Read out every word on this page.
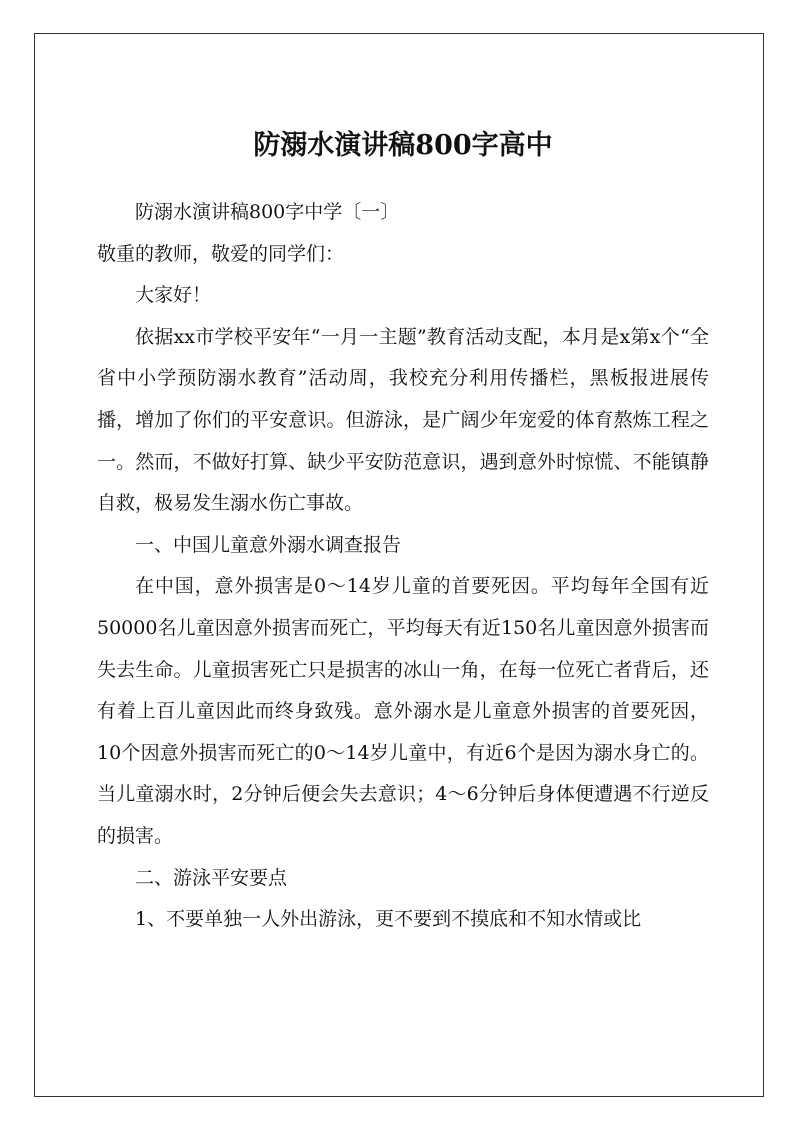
防溺水演讲稿800字高中

防溺水演讲稿800字中学〔一〕

敬重的教师，敬爱的同学们：

大家好！

依据xx市学校平安年“一月一主题”教育活动支配，本月是x第x个“全省中小学预防溺水教育”活动周，我校充分利用传播栏，黑板报进展传播，增加了你们的平安意识。但游泳，是广阔少年宠爱的体育熬炼工程之一。然而，不做好打算、缺少平安防范意识，遇到意外时惊慌、不能镇静自救，极易发生溺水伤亡事故。

一、中国儿童意外溺水调查报告

在中国，意外损害是0～14岁儿童的首要死因。平均每年全国有近50000名儿童因意外损害而死亡，平均每天有近150名儿童因意外损害而失去生命。儿童损害死亡只是损害的冰山一角，在每一位死亡者背后，还有着上百儿童因此而终身致残。意外溺水是儿童意外损害的首要死因，10个因意外损害而死亡的0～14岁儿童中，有近6个是因为溺水身亡的。当儿童溺水时，2分钟后便会失去意识；4～6分钟后身体便遭遇不行逆反的损害。

二、游泳平安要点

1、不要单独一人外出游泳，更不要到不摸底和不知水情或比
